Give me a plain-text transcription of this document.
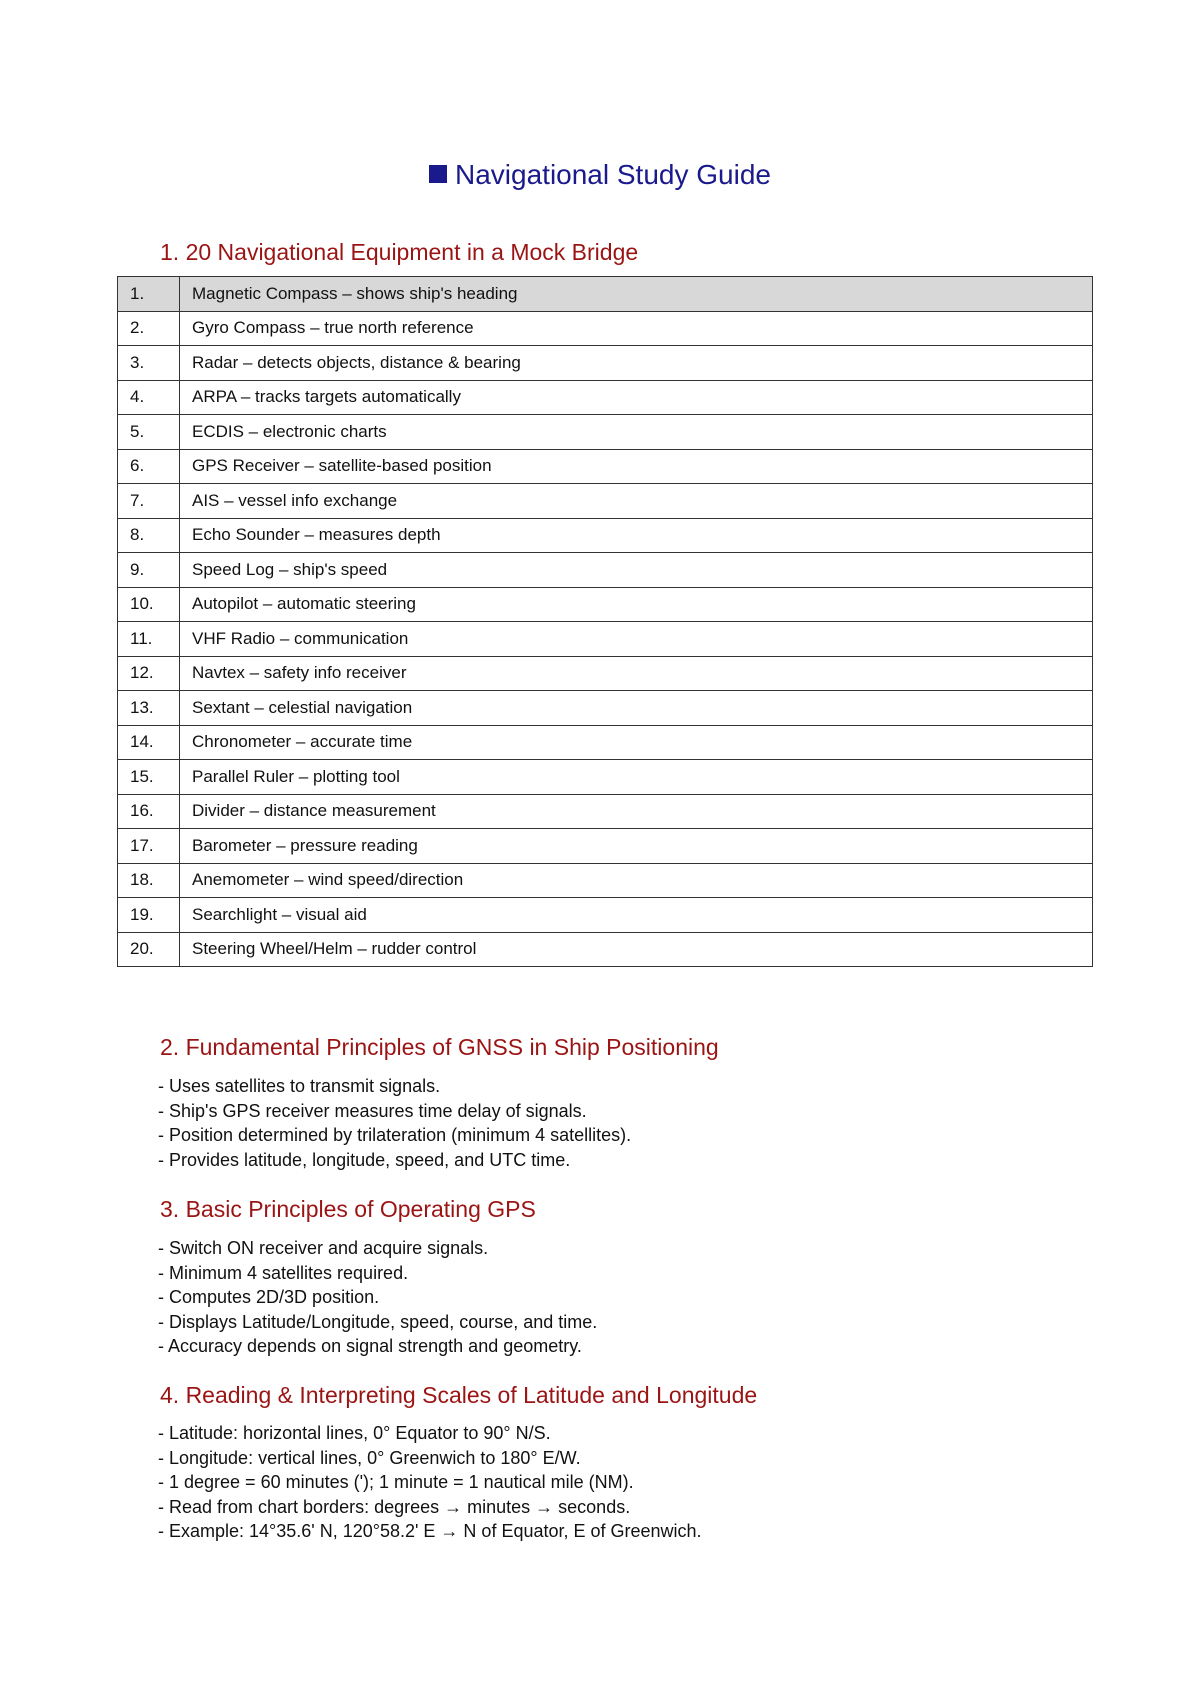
Navigational Study Guide
1. 20 Navigational Equipment in a Mock Bridge
1.	Magnetic Compass – shows ship's heading
2.	Gyro Compass – true north reference
3.	Radar – detects objects, distance & bearing
4.	ARPA – tracks targets automatically
5.	ECDIS – electronic charts
6.	GPS Receiver – satellite-based position
7.	AIS – vessel info exchange
8.	Echo Sounder – measures depth
9.	Speed Log – ship's speed
10.	Autopilot – automatic steering
11.	VHF Radio – communication
12.	Navtex – safety info receiver
13.	Sextant – celestial navigation
14.	Chronometer – accurate time
15.	Parallel Ruler – plotting tool
16.	Divider – distance measurement
17.	Barometer – pressure reading
18.	Anemometer – wind speed/direction
19.	Searchlight – visual aid
20.	Steering Wheel/Helm – rudder control
2. Fundamental Principles of GNSS in Ship Positioning
- Uses satellites to transmit signals.
- Ship's GPS receiver measures time delay of signals.
- Position determined by trilateration (minimum 4 satellites).
- Provides latitude, longitude, speed, and UTC time.
3. Basic Principles of Operating GPS
- Switch ON receiver and acquire signals.
- Minimum 4 satellites required.
- Computes 2D/3D position.
- Displays Latitude/Longitude, speed, course, and time.
- Accuracy depends on signal strength and geometry.
4. Reading & Interpreting Scales of Latitude and Longitude
- Latitude: horizontal lines, 0° Equator to 90° N/S.
- Longitude: vertical lines, 0° Greenwich to 180° E/W.
- 1 degree = 60 minutes ('); 1 minute = 1 nautical mile (NM).
- Read from chart borders: degrees → minutes → seconds.
- Example: 14°35.6' N, 120°58.2' E → N of Equator, E of Greenwich.
